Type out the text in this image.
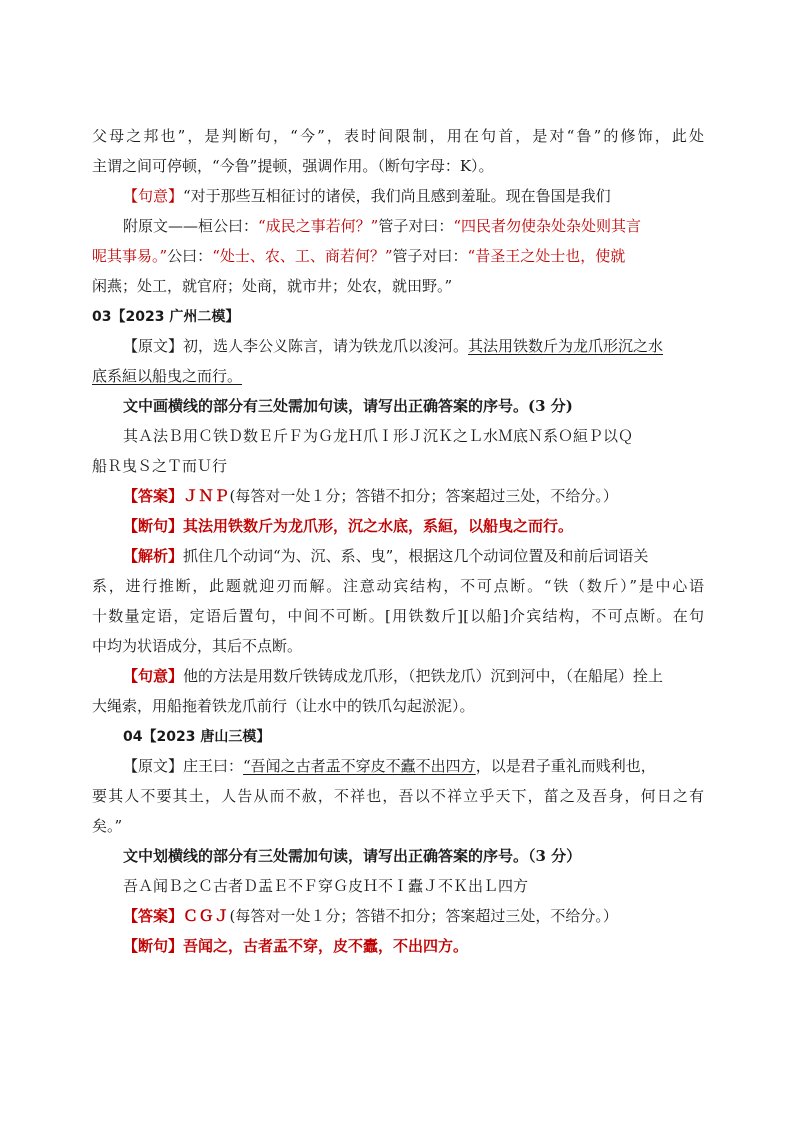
父母之邦也”，是判断句，“今”，表时间限制，用在句首，是对“鲁”的修饰，此处
主谓之间可停顿，“今鲁”提顿，强调作用。（断句字母：K）。
【句意】“对于那些互相征讨的诸侯，我们尚且感到羞耻。现在鲁国是我们
附原文——桓公曰：“成民之事若何？”管子对曰：“四民者勿使杂处杂处则其言
呢其事易。”公曰：“处士、农、工、商若何？”管子对曰：“昔圣王之处士也，使就
闲燕；处工，就官府；处商，就市井；处农，就田野。”
03【2023 广州二模】
【原文】初，选人李公义陈言，请为铁龙爪以浚河。其法用铁数斤为龙爪形沉之水
底系絙以船曳之而行。
文中画横线的部分有三处需加句读，请写出正确答案的序号。(3 分)
其Ａ法Ｂ用Ｃ铁Ｄ数Ｅ斤Ｆ为Ｇ龙Ｈ爪Ｉ形Ｊ沉Ｋ之Ｌ水Ｍ底Ｎ系Ｏ絙Ｐ以Ｑ
船Ｒ曳Ｓ之Ｔ而Ｕ行
【答案】ＪＮＰ(每答对一处１分；答错不扣分；答案超过三处，不给分。）
【断句】其法用铁数斤为龙爪形，沉之水底，系絙，以船曳之而行。
【解析】抓住几个动词“为、沉、系、曳”，根据这几个动词位置及和前后词语关
系，进行推断，此题就迎刃而解。注意动宾结构，不可点断。“铁（数斤）”是中心语
十数量定语，定语后置句，中间不可断。[用铁数斤][以船]介宾结构，不可点断。在句
中均为状语成分，其后不点断。
【句意】他的方法是用数斤铁铸成龙爪形，（把铁龙爪）沉到河中，（在船尾）拴上
大绳索，用船拖着铁龙爪前行（让水中的铁爪勾起淤泥）。
04【2023 唐山三模】
【原文】庄王曰：“吾闻之古者盂不穿皮不蠹不出四方，以是君子重礼而贱利也，
要其人不要其土，人告从而不赦，不祥也，吾以不祥立乎天下，菑之及吾身，何日之有
矣。”
文中划横线的部分有三处需加句读，请写出正确答案的序号。（3 分）
吾Ａ闻Ｂ之Ｃ古者Ｄ盂Ｅ不Ｆ穿Ｇ皮Ｈ不Ｉ蠹Ｊ不Ｋ出Ｌ四方
【答案】ＣＧＪ(每答对一处１分；答错不扣分；答案超过三处，不给分。）
【断句】吾闻之，古者盂不穿，皮不蠹，不出四方。
